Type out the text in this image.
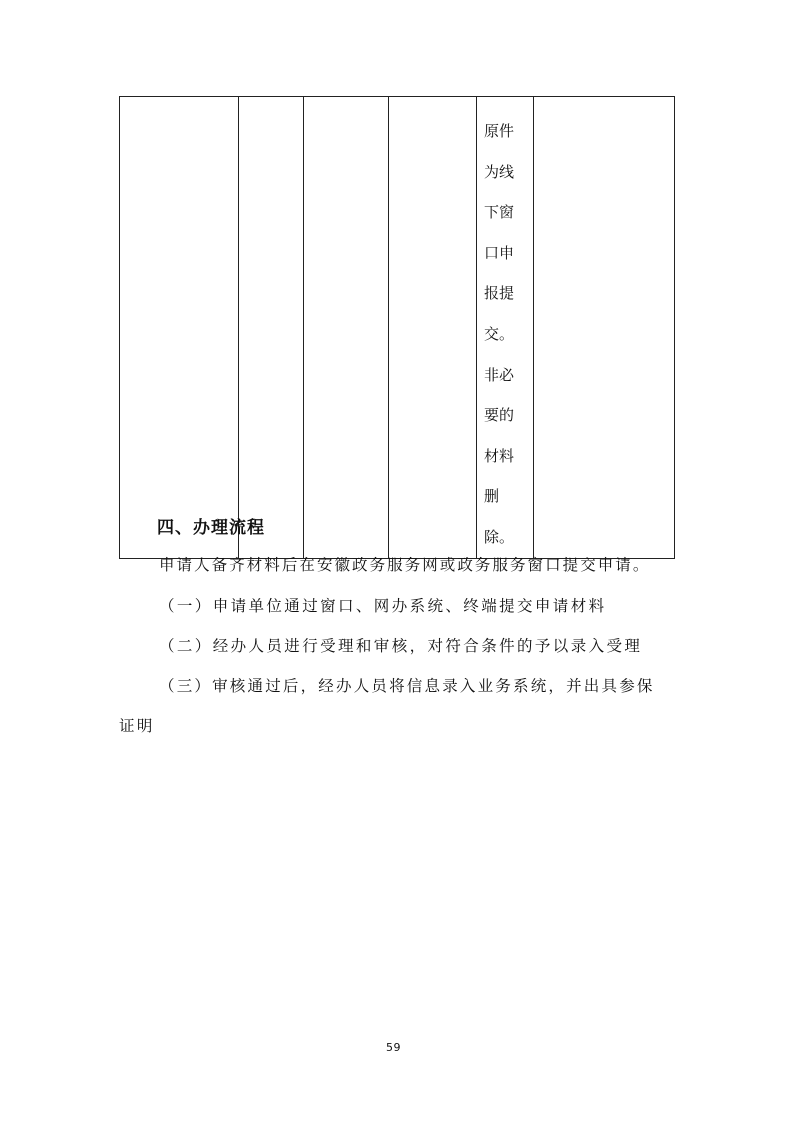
原件为线下窗口申报提交。非必要的材料删除。

四、办理流程
申请人备齐材料后在安徽政务服务网或政务服务窗口提交申请。
（一）申请单位通过窗口、网办系统、终端提交申请材料
（二）经办人员进行受理和审核，对符合条件的予以录入受理
（三）审核通过后，经办人员将信息录入业务系统，并出具参保
证明
59
